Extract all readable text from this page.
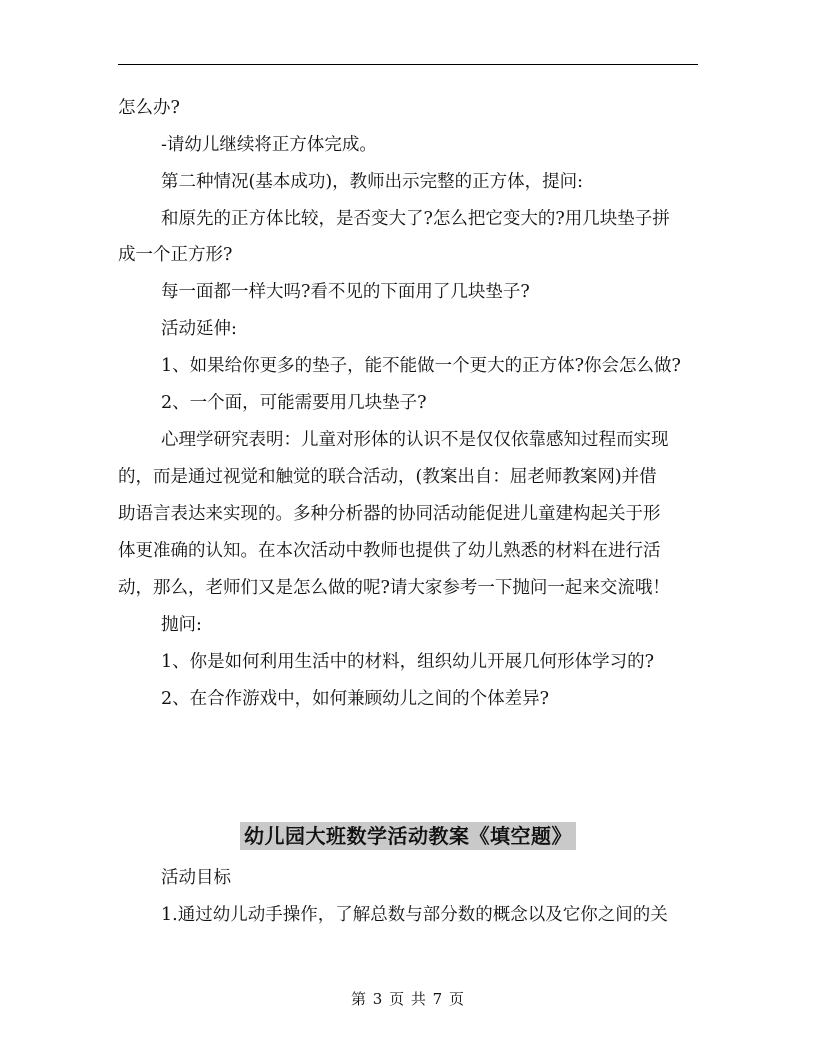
怎么办?
-请幼儿继续将正方体完成。
第二种情况(基本成功)，教师出示完整的正方体，提问:
和原先的正方体比较，是否变大了?怎么把它变大的?用几块垫子拼
成一个正方形?
每一面都一样大吗?看不见的下面用了几块垫子?
活动延伸:
1、如果给你更多的垫子，能不能做一个更大的正方体?你会怎么做?
2、一个面，可能需要用几块垫子?
心理学研究表明：儿童对形体的认识不是仅仅依靠感知过程而实现
的，而是通过视觉和触觉的联合活动，(教案出自：屈老师教案网)并借
助语言表达来实现的。多种分析器的协同活动能促进儿童建构起关于形
体更准确的认知。在本次活动中教师也提供了幼儿熟悉的材料在进行活
动，那么，老师们又是怎么做的呢?请大家参考一下抛问一起来交流哦！
抛问:
1、你是如何利用生活中的材料，组织幼儿开展几何形体学习的?
2、在合作游戏中，如何兼顾幼儿之间的个体差异?
幼儿园大班数学活动教案《填空题》
活动目标
1.通过幼儿动手操作，了解总数与部分数的概念以及它你之间的关
第 3 页 共 7 页
